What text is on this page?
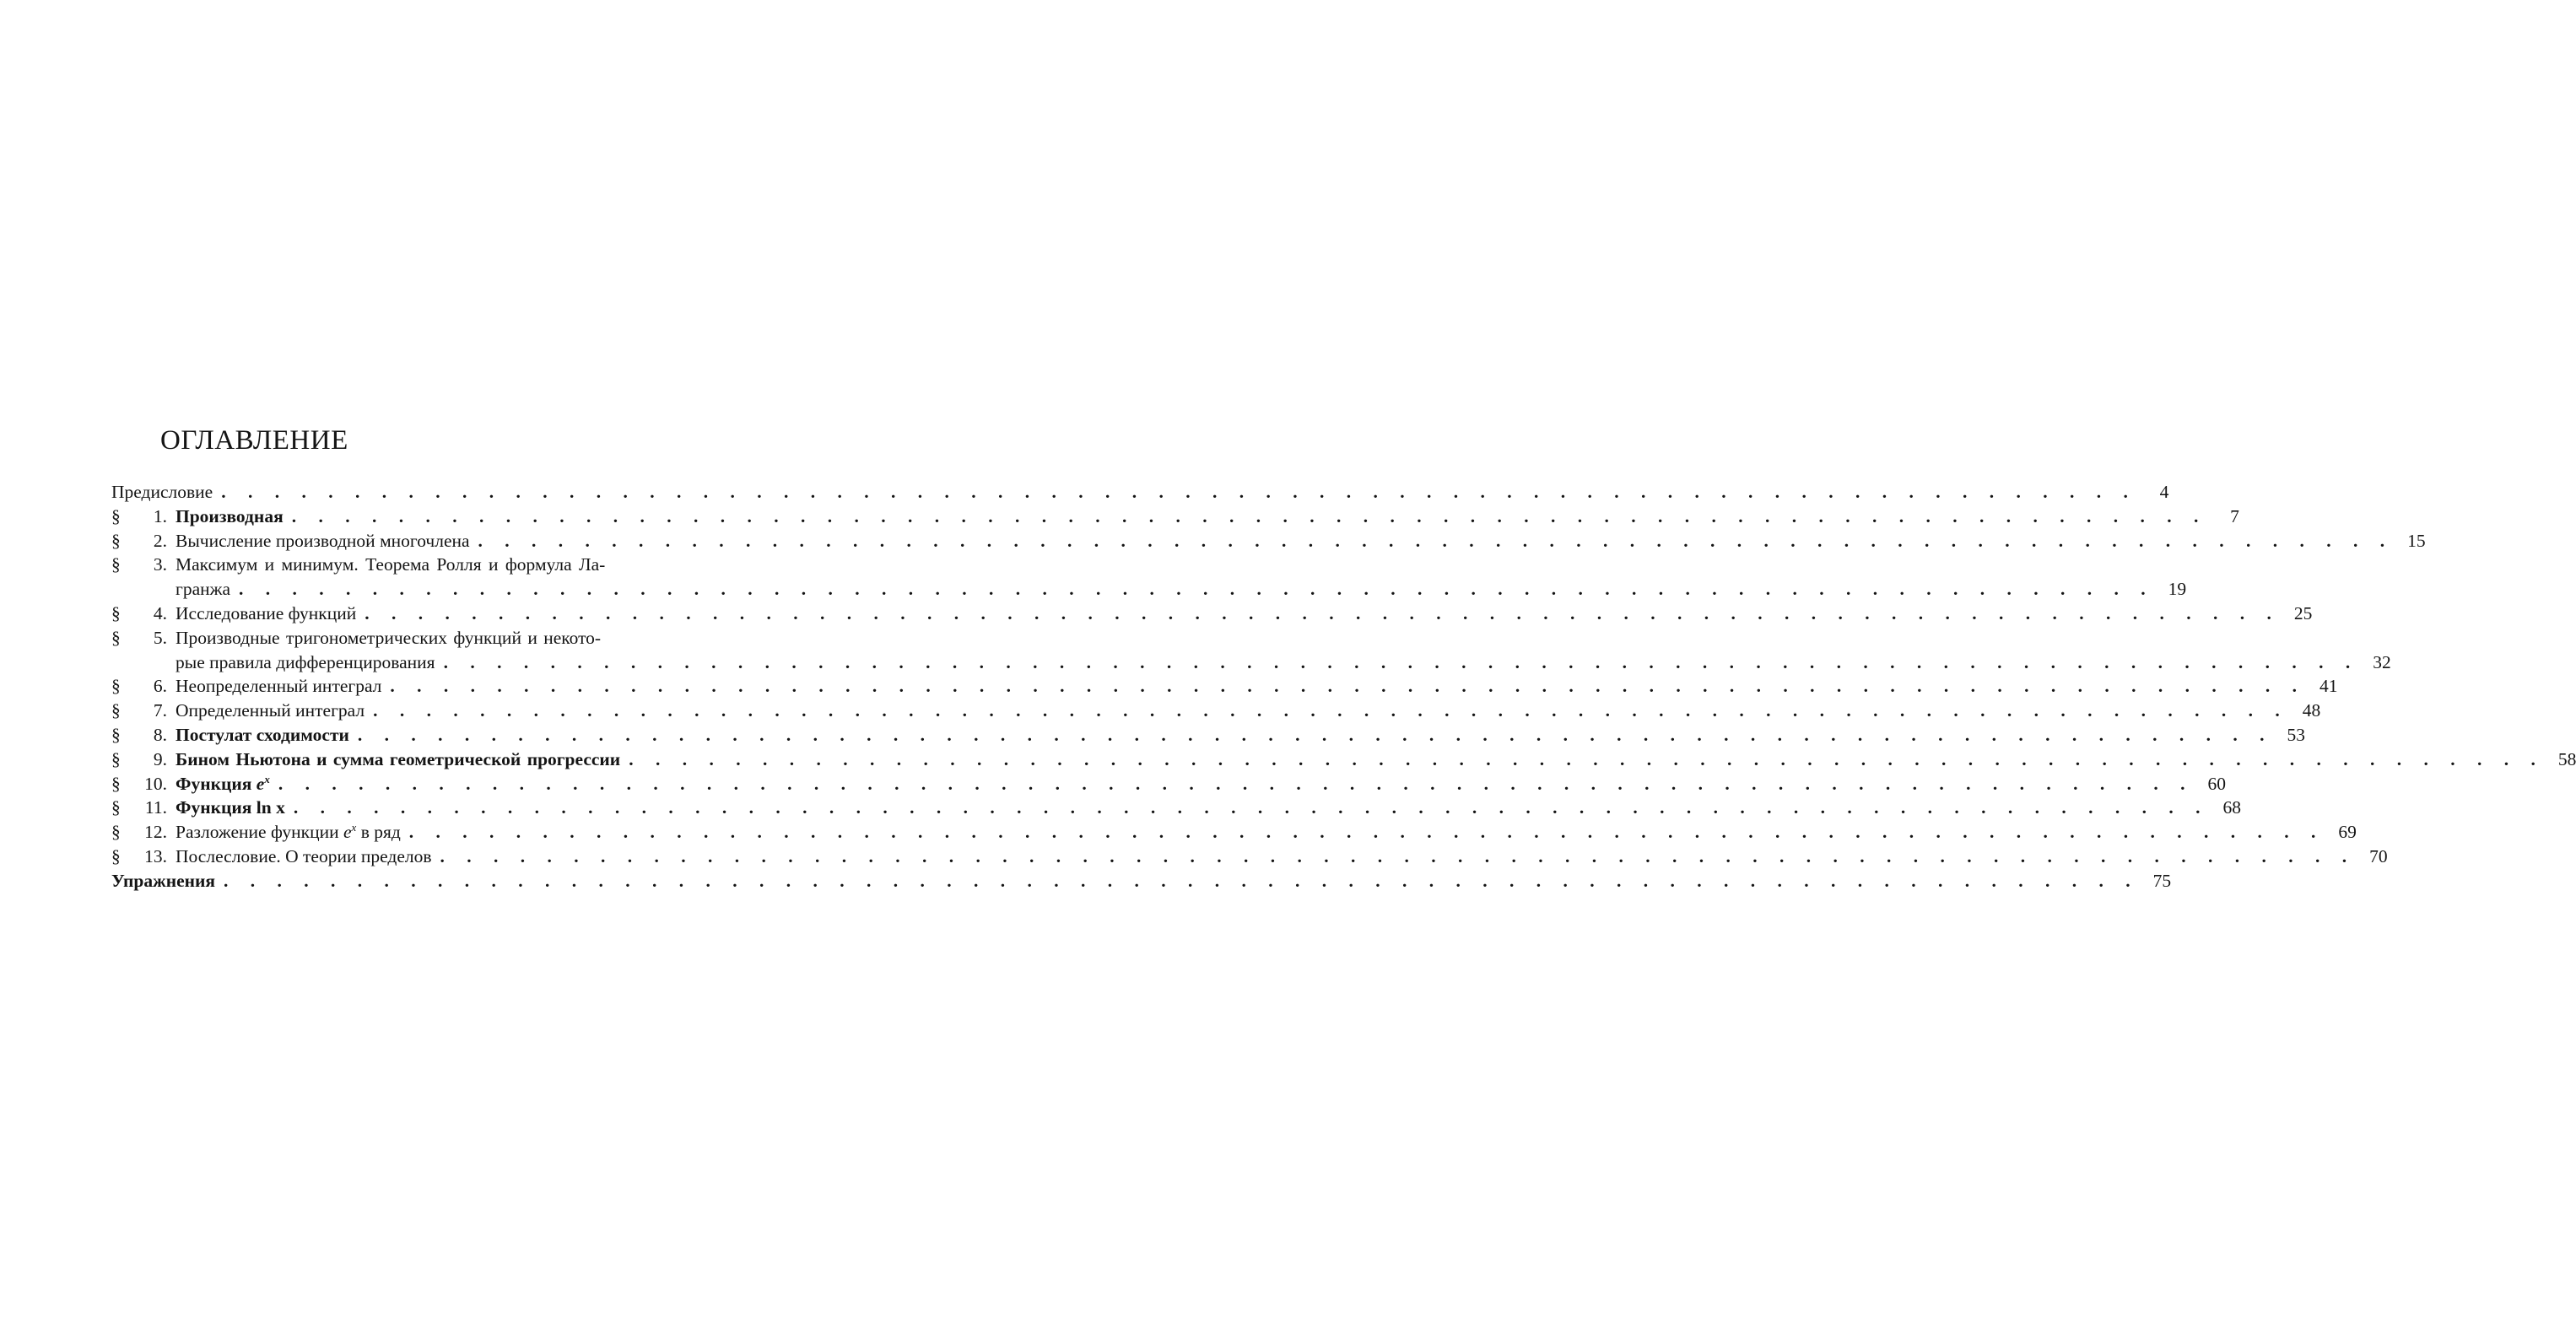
ОГЛАВЛЕНИЕ
Предисловие . . .	4
§	1. Производная . . .	7
§	2. Вычисление производной многочлена . . .	15
§	3. Максимум и минимум. Теорема Ролля и формула Ла-
гранжа . . .	19
§	4. Исследование функций . . .	25
§	5. Производные тригонометрических функций и некото-
рые правила дифференцирования . . .	32
§	6. Неопределенный интеграл . . .	41
§	7. Определенный интеграл . . .	48
§	8. Постулат сходимости . . .	53
§	9. Бином Ньютона и сумма геометрической прогрессии . . .	58
§	10. Функция $e^x$ . . .	60
§	11. Функция ln x . . .	68
§	12. Разложение функции $e^x$ в ряд . . .	69
§	13. Послесловие. О теории пределов . . .	70
Упражнения . . .	75
